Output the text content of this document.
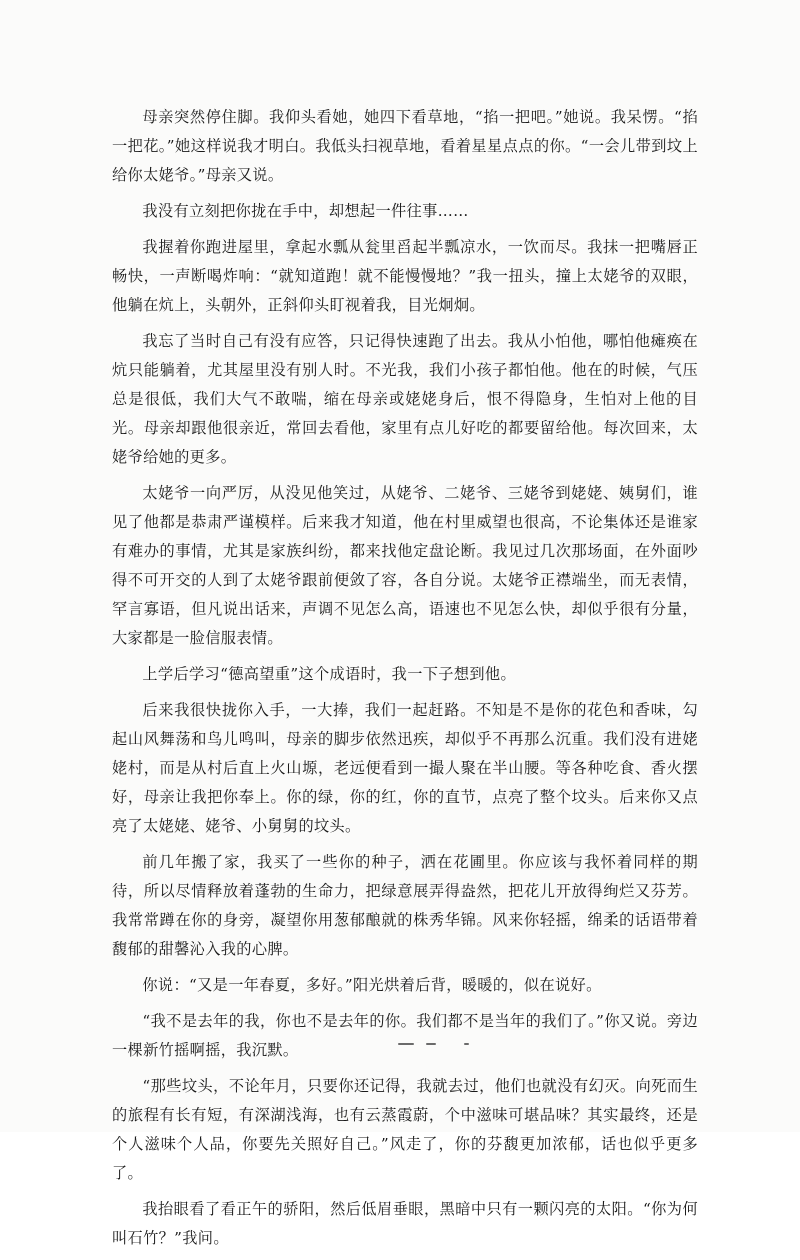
母亲突然停住脚。我仰头看她，她四下看草地，“掐一把吧。”她说。我呆愣。“掐一把花。”她这样说我才明白。我低头扫视草地，看着星星点点的你。“一会儿带到坟上给你太姥爷。”母亲又说。

我没有立刻把你拢在手中，却想起一件往事……

我握着你跑进屋里，拿起水瓢从瓮里舀起半瓢凉水，一饮而尽。我抹一把嘴唇正畅快，一声断喝炸响：“就知道跑！就不能慢慢地？”我一扭头，撞上太姥爷的双眼，他躺在炕上，头朝外，正斜仰头盯视着我，目光炯炯。

我忘了当时自己有没有应答，只记得快速跑了出去。我从小怕他，哪怕他瘫痪在炕只能躺着，尤其屋里没有别人时。不光我，我们小孩子都怕他。他在的时候，气压总是很低，我们大气不敢喘，缩在母亲或姥姥身后，恨不得隐身，生怕对上他的目光。母亲却跟他很亲近，常回去看他，家里有点儿好吃的都要留给他。每次回来，太姥爷给她的更多。

太姥爷一向严厉，从没见他笑过，从姥爷、二姥爷、三姥爷到姥姥、姨舅们，谁见了他都是恭肃严谨模样。后来我才知道，他在村里威望也很高，不论集体还是谁家有难办的事情，尤其是家族纠纷，都来找他定盘论断。我见过几次那场面，在外面吵得不可开交的人到了太姥爷跟前便敛了容，各自分说。太姥爷正襟端坐，而无表情，罕言寡语，但凡说出话来，声调不见怎么高，语速也不见怎么快，却似乎很有分量，大家都是一脸信服表情。

上学后学习“德高望重”这个成语时，我一下子想到他。

后来我很快拢你入手，一大捧，我们一起赶路。不知是不是你的花色和香味，勾起山风舞荡和鸟儿鸣叫，母亲的脚步依然迅疾，却似乎不再那么沉重。我们没有进姥姥村，而是从村后直上火山塬，老远便看到一撮人聚在半山腰。等各种吃食、香火摆好，母亲让我把你奉上。你的绿，你的红，你的直节，点亮了整个坟头。后来你又点亮了太姥姥、姥爷、小舅舅的坟头。

前几年搬了家，我买了一些你的种子，洒在花圃里。你应该与我怀着同样的期待，所以尽情释放着蓬勃的生命力，把绿意展弄得盎然，把花儿开放得绚烂又芬芳。我常常蹲在你的身旁，凝望你用葱郁酿就的株秀华锦。风来你轻摇，绵柔的话语带着馥郁的甜馨沁入我的心脾。

你说：“又是一年春夏，多好。”阳光烘着后背，暖暖的，似在说好。

“我不是去年的我，你也不是去年的你。我们都不是当年的我们了。”你又说。旁边一棵新竹摇啊摇，我沉默。

“那些坟头，不论年月，只要你还记得，我就去过，他们也就没有幻灭。向死而生的旅程有长有短，有深湖浅海，也有云蒸霞蔚，个中滋味可堪品味？其实最终，还是个人滋味个人品，你要先关照好自己。”风走了，你的芬馥更加浓郁，话也似乎更多了。

我抬眼看了看正午的骄阳，然后低眉垂眼，黑暗中只有一颗闪亮的太阳。“你为何叫石竹？”我问。
